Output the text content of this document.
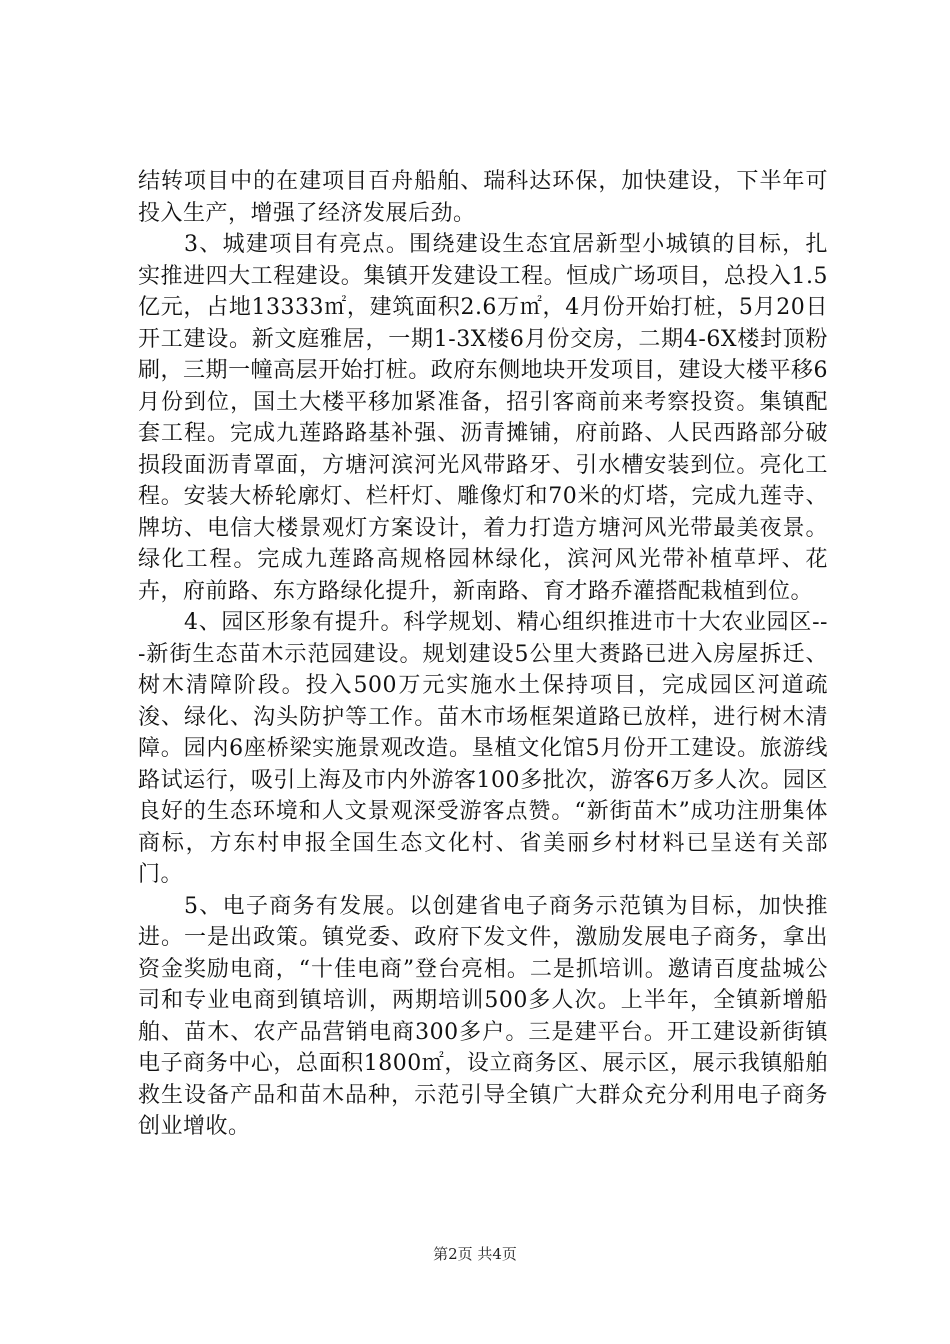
结转项目中的在建项目百舟船舶、瑞科达环保，加快建设，下半年可投入生产，增强了经济发展后劲。

3、城建项目有亮点。围绕建设生态宜居新型小城镇的目标，扎实推进四大工程建设。集镇开发建设工程。恒成广场项目，总投入1.5亿元，占地13333㎡，建筑面积2.6万㎡，4月份开始打桩，5月20日开工建设。新文庭雅居，一期1-3X楼6月份交房，二期4-6X楼封顶粉刷，三期一幢高层开始打桩。政府东侧地块开发项目，建设大楼平移6月份到位，国土大楼平移加紧准备，招引客商前来考察投资。集镇配套工程。完成九莲路路基补强、沥青摊铺，府前路、人民西路部分破损段面沥青罩面，方塘河滨河光风带路牙、引水槽安装到位。亮化工程。安装大桥轮廓灯、栏杆灯、雕像灯和70米的灯塔，完成九莲寺、牌坊、电信大楼景观灯方案设计，着力打造方塘河风光带最美夜景。绿化工程。完成九莲路高规格园林绿化，滨河风光带补植草坪、花卉，府前路、东方路绿化提升，新南路、育才路乔灌搭配栽植到位。

4、园区形象有提升。科学规划、精心组织推进市十大农业园区---新街生态苗木示范园建设。规划建设5公里大赉路已进入房屋拆迁、树木清障阶段。投入500万元实施水土保持项目，完成园区河道疏浚、绿化、沟头防护等工作。苗木市场框架道路已放样，进行树木清障。园内6座桥梁实施景观改造。垦植文化馆5月份开工建设。旅游线路试运行，吸引上海及市内外游客100多批次，游客6万多人次。园区良好的生态环境和人文景观深受游客点赞。“新街苗木”成功注册集体商标，方东村申报全国生态文化村、省美丽乡村材料已呈送有关部门。

5、电子商务有发展。以创建省电子商务示范镇为目标，加快推进。一是出政策。镇党委、政府下发文件，激励发展电子商务，拿出资金奖励电商，“十佳电商”登台亮相。二是抓培训。邀请百度盐城公司和专业电商到镇培训，两期培训500多人次。上半年，全镇新增船舶、苗木、农产品营销电商300多户。三是建平台。开工建设新街镇电子商务中心，总面积1800㎡，设立商务区、展示区，展示我镇船舶救生设备产品和苗木品种，示范引导全镇广大群众充分利用电子商务创业增收。

第2页 共4页
